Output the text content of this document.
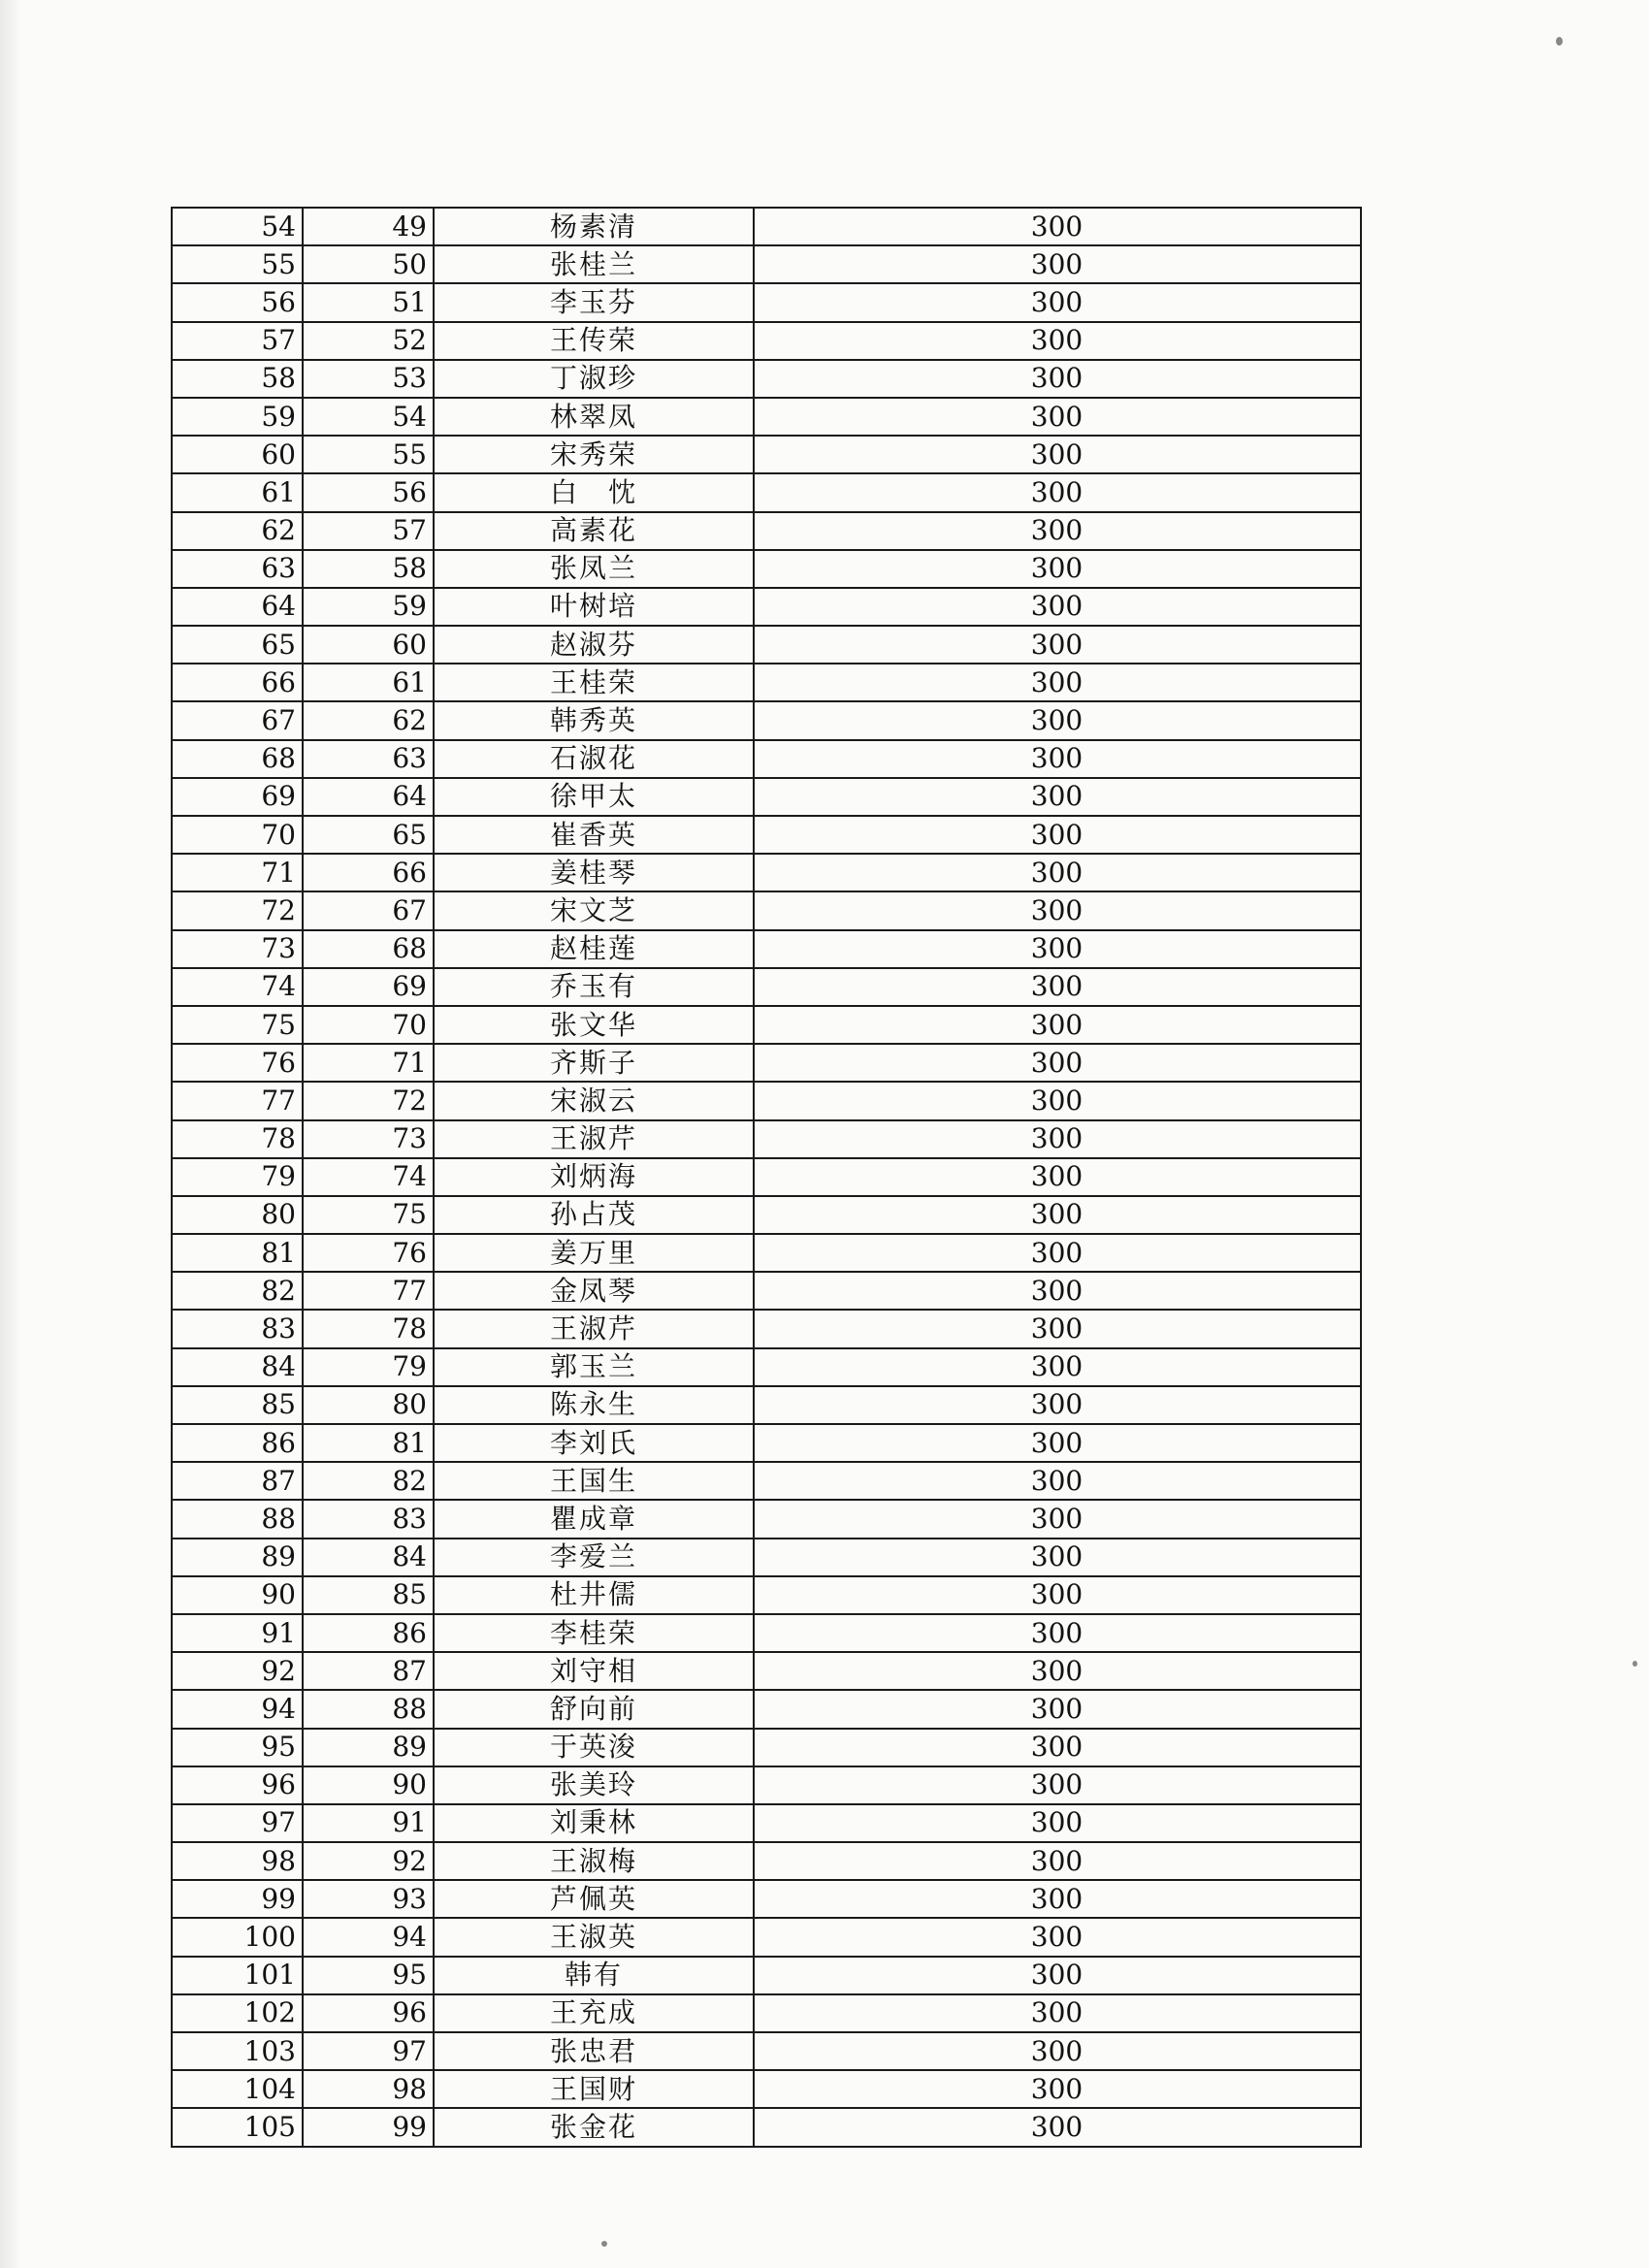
54	49	杨素清		300
55	50	张桂兰		300
56	51	李玉芬		300
57	52	王传荣		300
58	53	丁淑珍		300
59	54	林翠凤		300
60	55	宋秀荣		300
61	56	白　忱		300
62	57	高素花		300
63	58	张凤兰		300
64	59	叶树培		300
65	60	赵淑芬		300
66	61	王桂荣		300
67	62	韩秀英		300
68	63	石淑花		300
69	64	徐甲太		300
70	65	崔香英		300
71	66	姜桂琴		300
72	67	宋文芝		300
73	68	赵桂莲		300
74	69	乔玉有		300
75	70	张文华		300
76	71	齐斯子		300
77	72	宋淑云		300
78	73	王淑芹		300
79	74	刘炳海		300
80	75	孙占茂		300
81	76	姜万里		300
82	77	金凤琴		300
83	78	王淑芹		300
84	79	郭玉兰		300
85	80	陈永生		300
86	81	李刘氏		300
87	82	王国生		300
88	83	瞿成章		300
89	84	李爱兰		300
90	85	杜井儒		300
91	86	李桂荣		300
92	87	刘守相		300
94	88	舒向前		300
95	89	于英浚		300
96	90	张美玲		300
97	91	刘秉林		300
98	92	王淑梅		300
99	93	芦佩英		300
100	94	王淑英		300
101	95	韩有		300
102	96	王充成		300
103	97	张忠君		300
104	98	王国财		300
105	99	张金花		300
